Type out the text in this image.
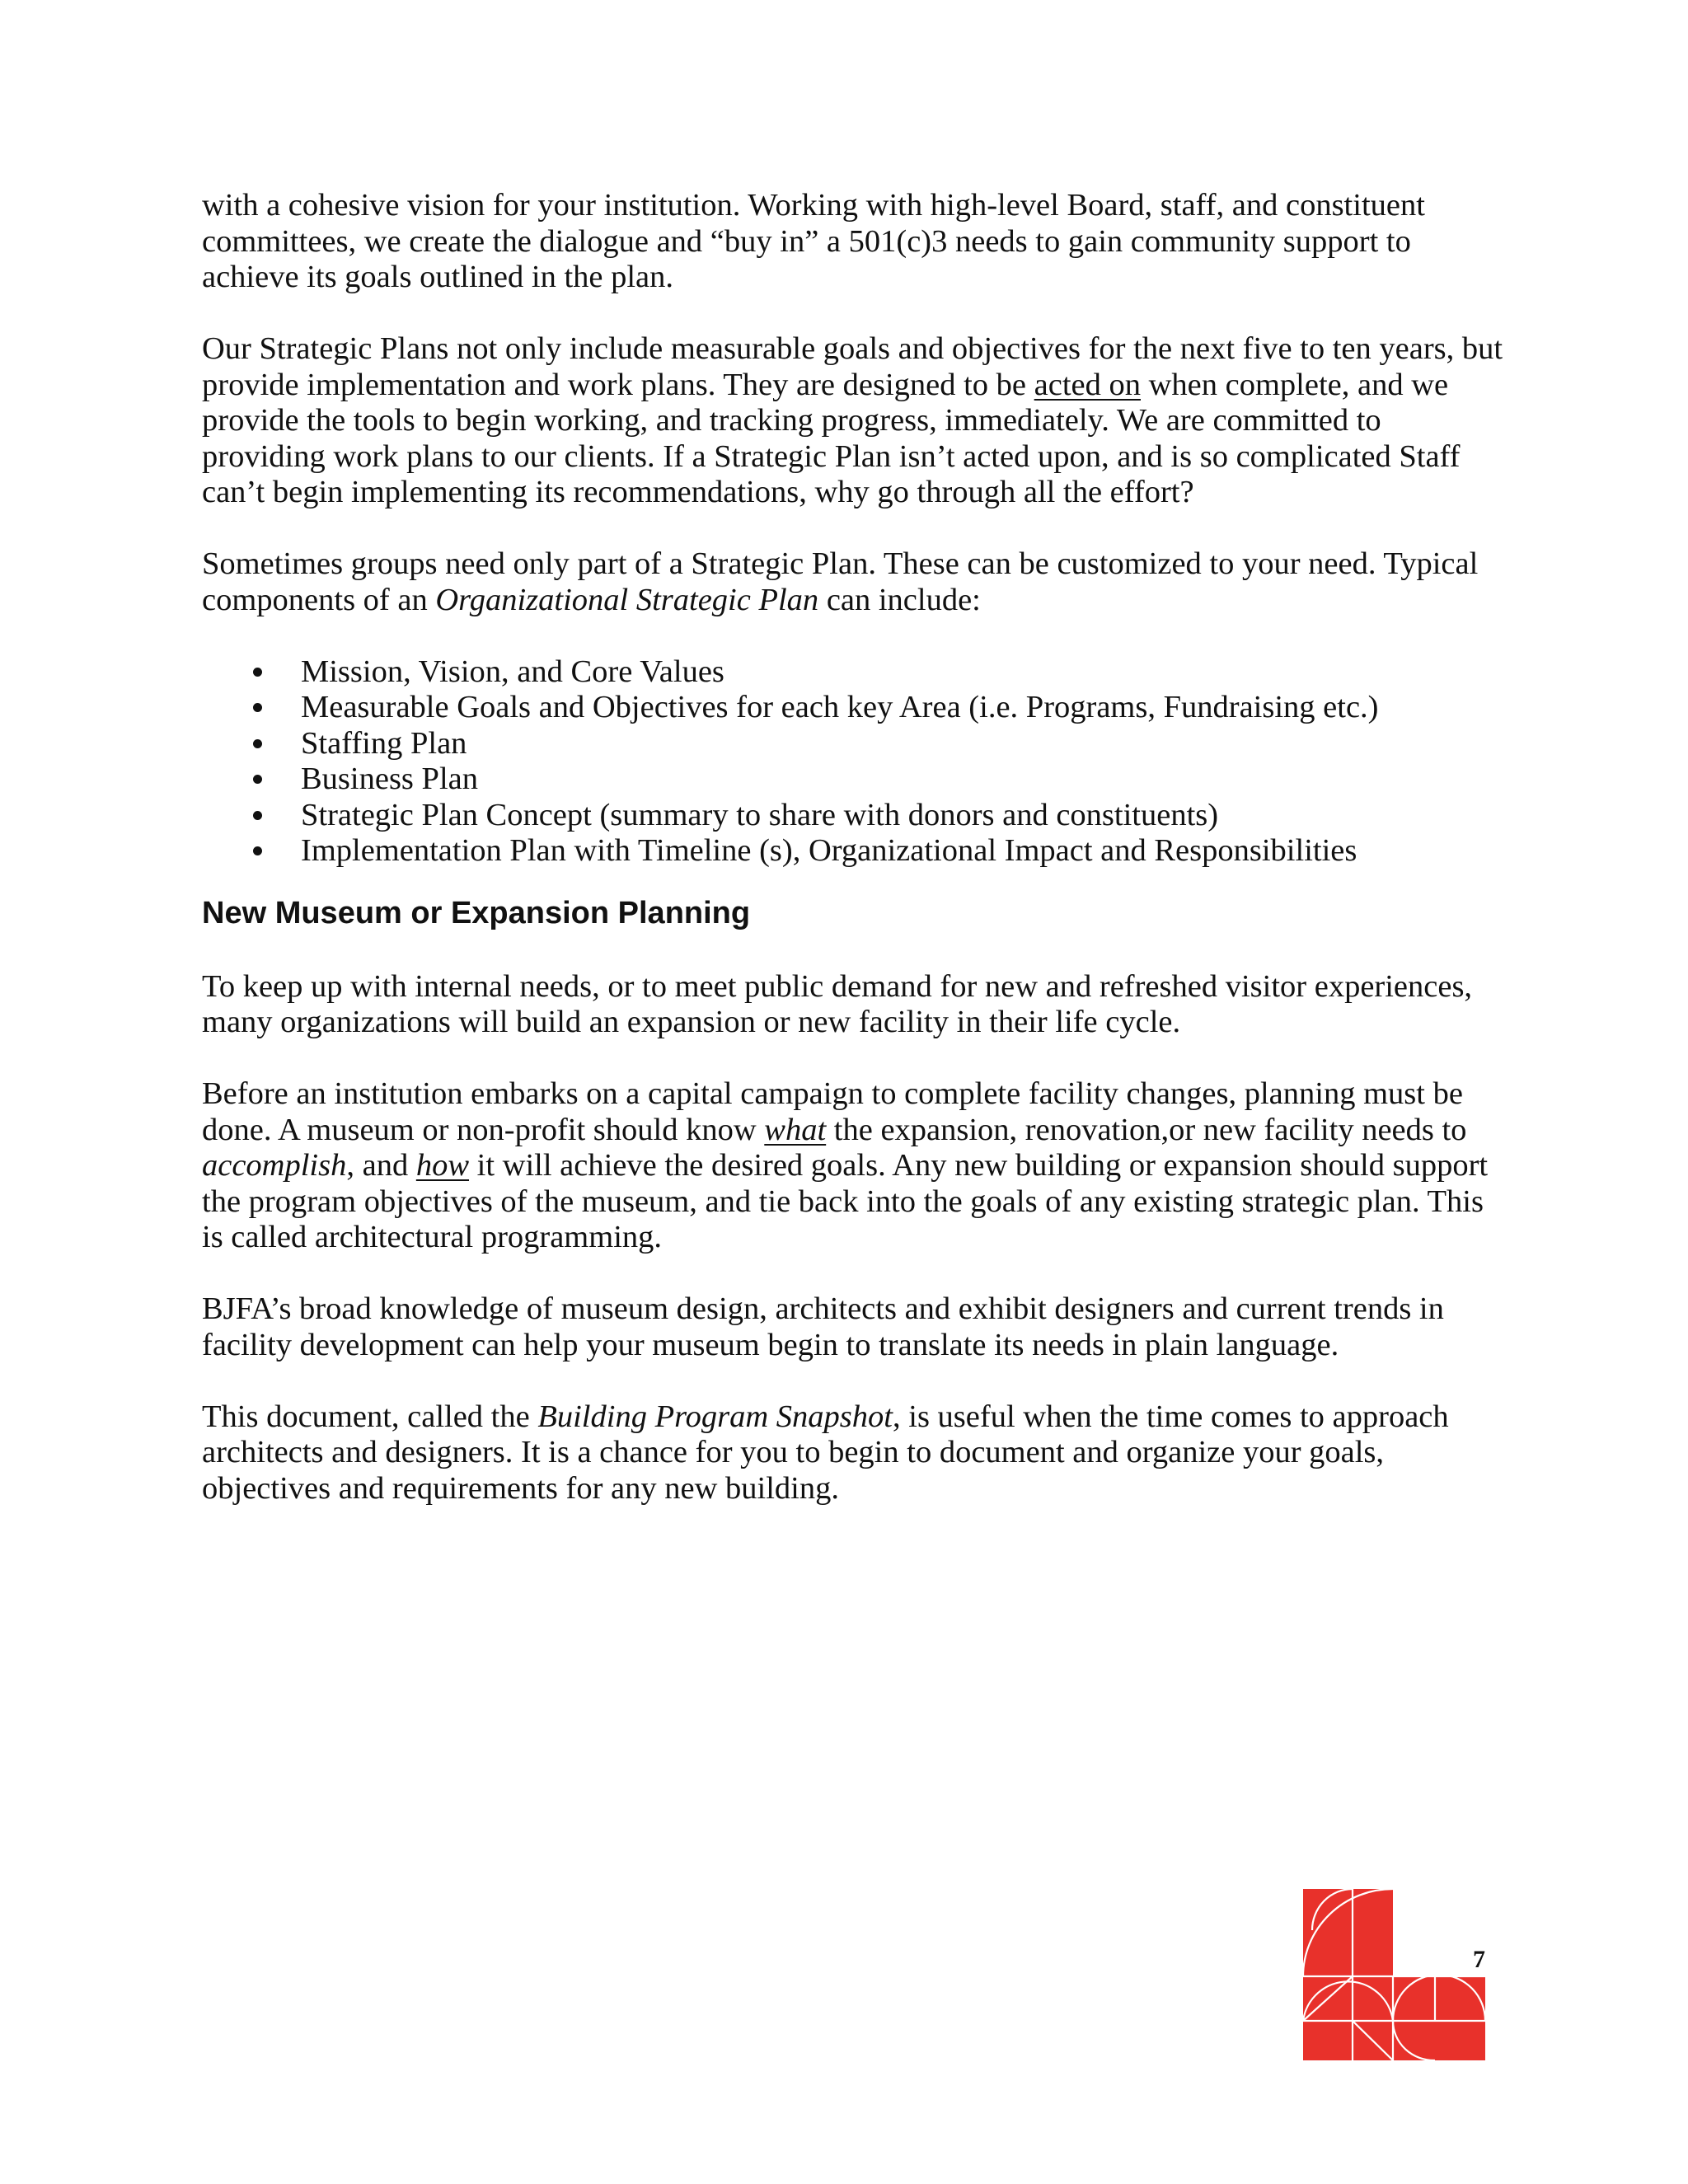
with a cohesive vision for your institution. Working with high-level Board, staff, and constituent committees, we create the dialogue and “buy in” a 501(c)3 needs to gain community support to achieve its goals outlined in the plan.

Our Strategic Plans not only include measurable goals and objectives for the next five to ten years, but provide implementation and work plans. They are designed to be acted on when complete, and we provide the tools to begin working, and tracking progress, immediately. We are committed to providing work plans to our clients. If a Strategic Plan isn’t acted upon, and is so complicated Staff can’t begin implementing its recommendations, why go through all the effort?

Sometimes groups need only part of a Strategic Plan. These can be customized to your need. Typical components of an Organizational Strategic Plan can include:

Mission, Vision, and Core Values
Measurable Goals and Objectives for each key Area (i.e. Programs, Fundraising etc.)
Staffing Plan
Business Plan
Strategic Plan Concept (summary to share with donors and constituents)
Implementation Plan with Timeline (s), Organizational Impact and Responsibilities
New Museum or Expansion Planning

To keep up with internal needs, or to meet public demand for new and refreshed visitor experiences, many organizations will build an expansion or new facility in their life cycle.

Before an institution embarks on a capital campaign to complete facility changes, planning must be done. A museum or non-profit should know what the expansion, renovation,or new facility needs to accomplish, and how it will achieve the desired goals. Any new building or expansion should support the program objectives of the museum, and tie back into the goals of any existing strategic plan. This is called architectural programming.

BJFA’s broad knowledge of museum design, architects and exhibit designers and current trends in facility development can help your museum begin to translate its needs in plain language.

This document, called the Building Program Snapshot, is useful when the time comes to approach architects and designers. It is a chance for you to begin to document and organize your goals, objectives and requirements for any new building.

7
